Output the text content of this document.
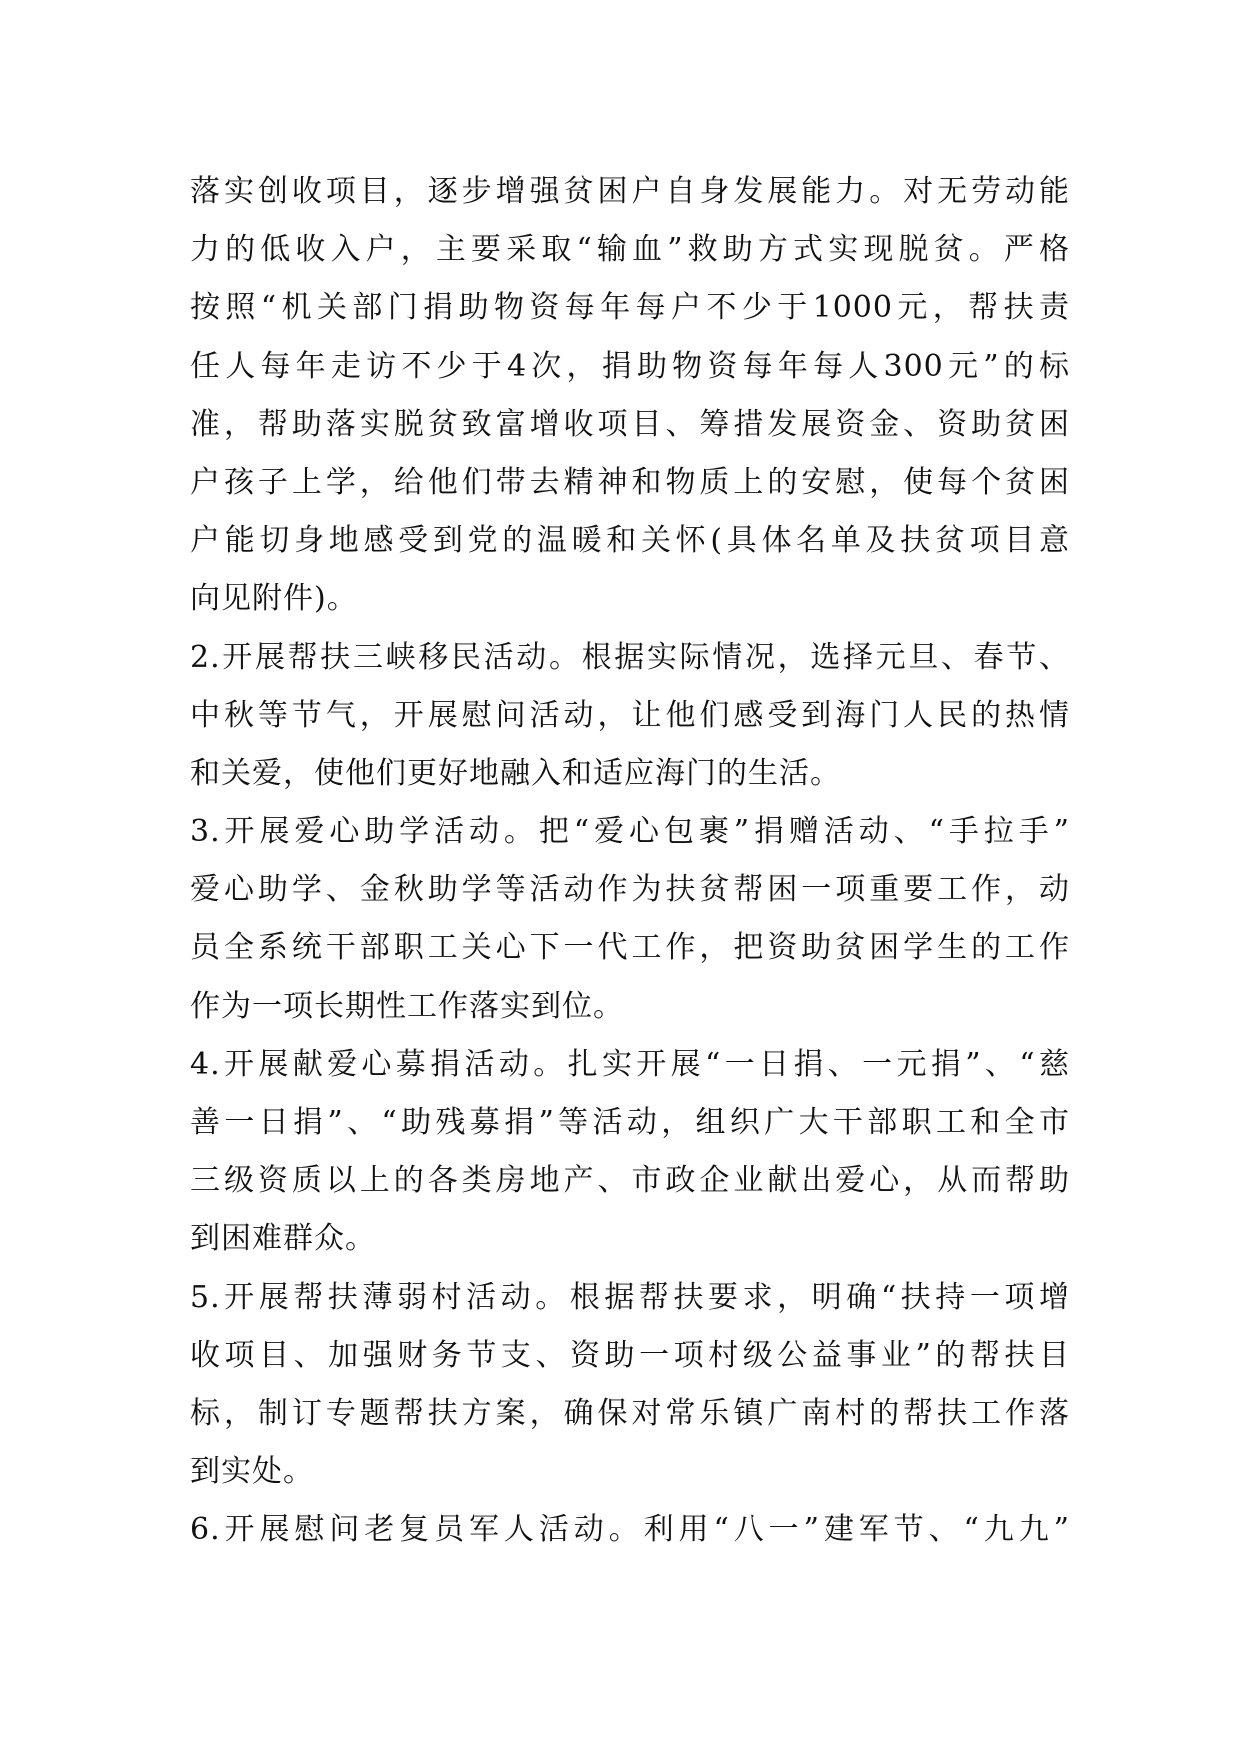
落实创收项目，逐步增强贫困户自身发展能力。对无劳动能
力的低收入户，主要采取“输血”救助方式实现脱贫。严格
按照“机关部门捐助物资每年每户不少于1000元，帮扶责
任人每年走访不少于4次，捐助物资每年每人300元”的标
准，帮助落实脱贫致富增收项目、筹措发展资金、资助贫困
户孩子上学，给他们带去精神和物质上的安慰，使每个贫困
户能切身地感受到党的温暖和关怀(具体名单及扶贫项目意
向见附件)。
2.开展帮扶三峡移民活动。根据实际情况，选择元旦、春节、
中秋等节气，开展慰问活动，让他们感受到海门人民的热情
和关爱，使他们更好地融入和适应海门的生活。
3.开展爱心助学活动。把“爱心包裹”捐赠活动、“手拉手”
爱心助学、金秋助学等活动作为扶贫帮困一项重要工作，动
员全系统干部职工关心下一代工作，把资助贫困学生的工作
作为一项长期性工作落实到位。
4.开展献爱心募捐活动。扎实开展“一日捐、一元捐”、“慈
善一日捐”、“助残募捐”等活动，组织广大干部职工和全市
三级资质以上的各类房地产、市政企业献出爱心，从而帮助
到困难群众。
5.开展帮扶薄弱村活动。根据帮扶要求，明确“扶持一项增
收项目、加强财务节支、资助一项村级公益事业”的帮扶目
标，制订专题帮扶方案，确保对常乐镇广南村的帮扶工作落
到实处。
6.开展慰问老复员军人活动。利用“八一”建军节、“九九”
